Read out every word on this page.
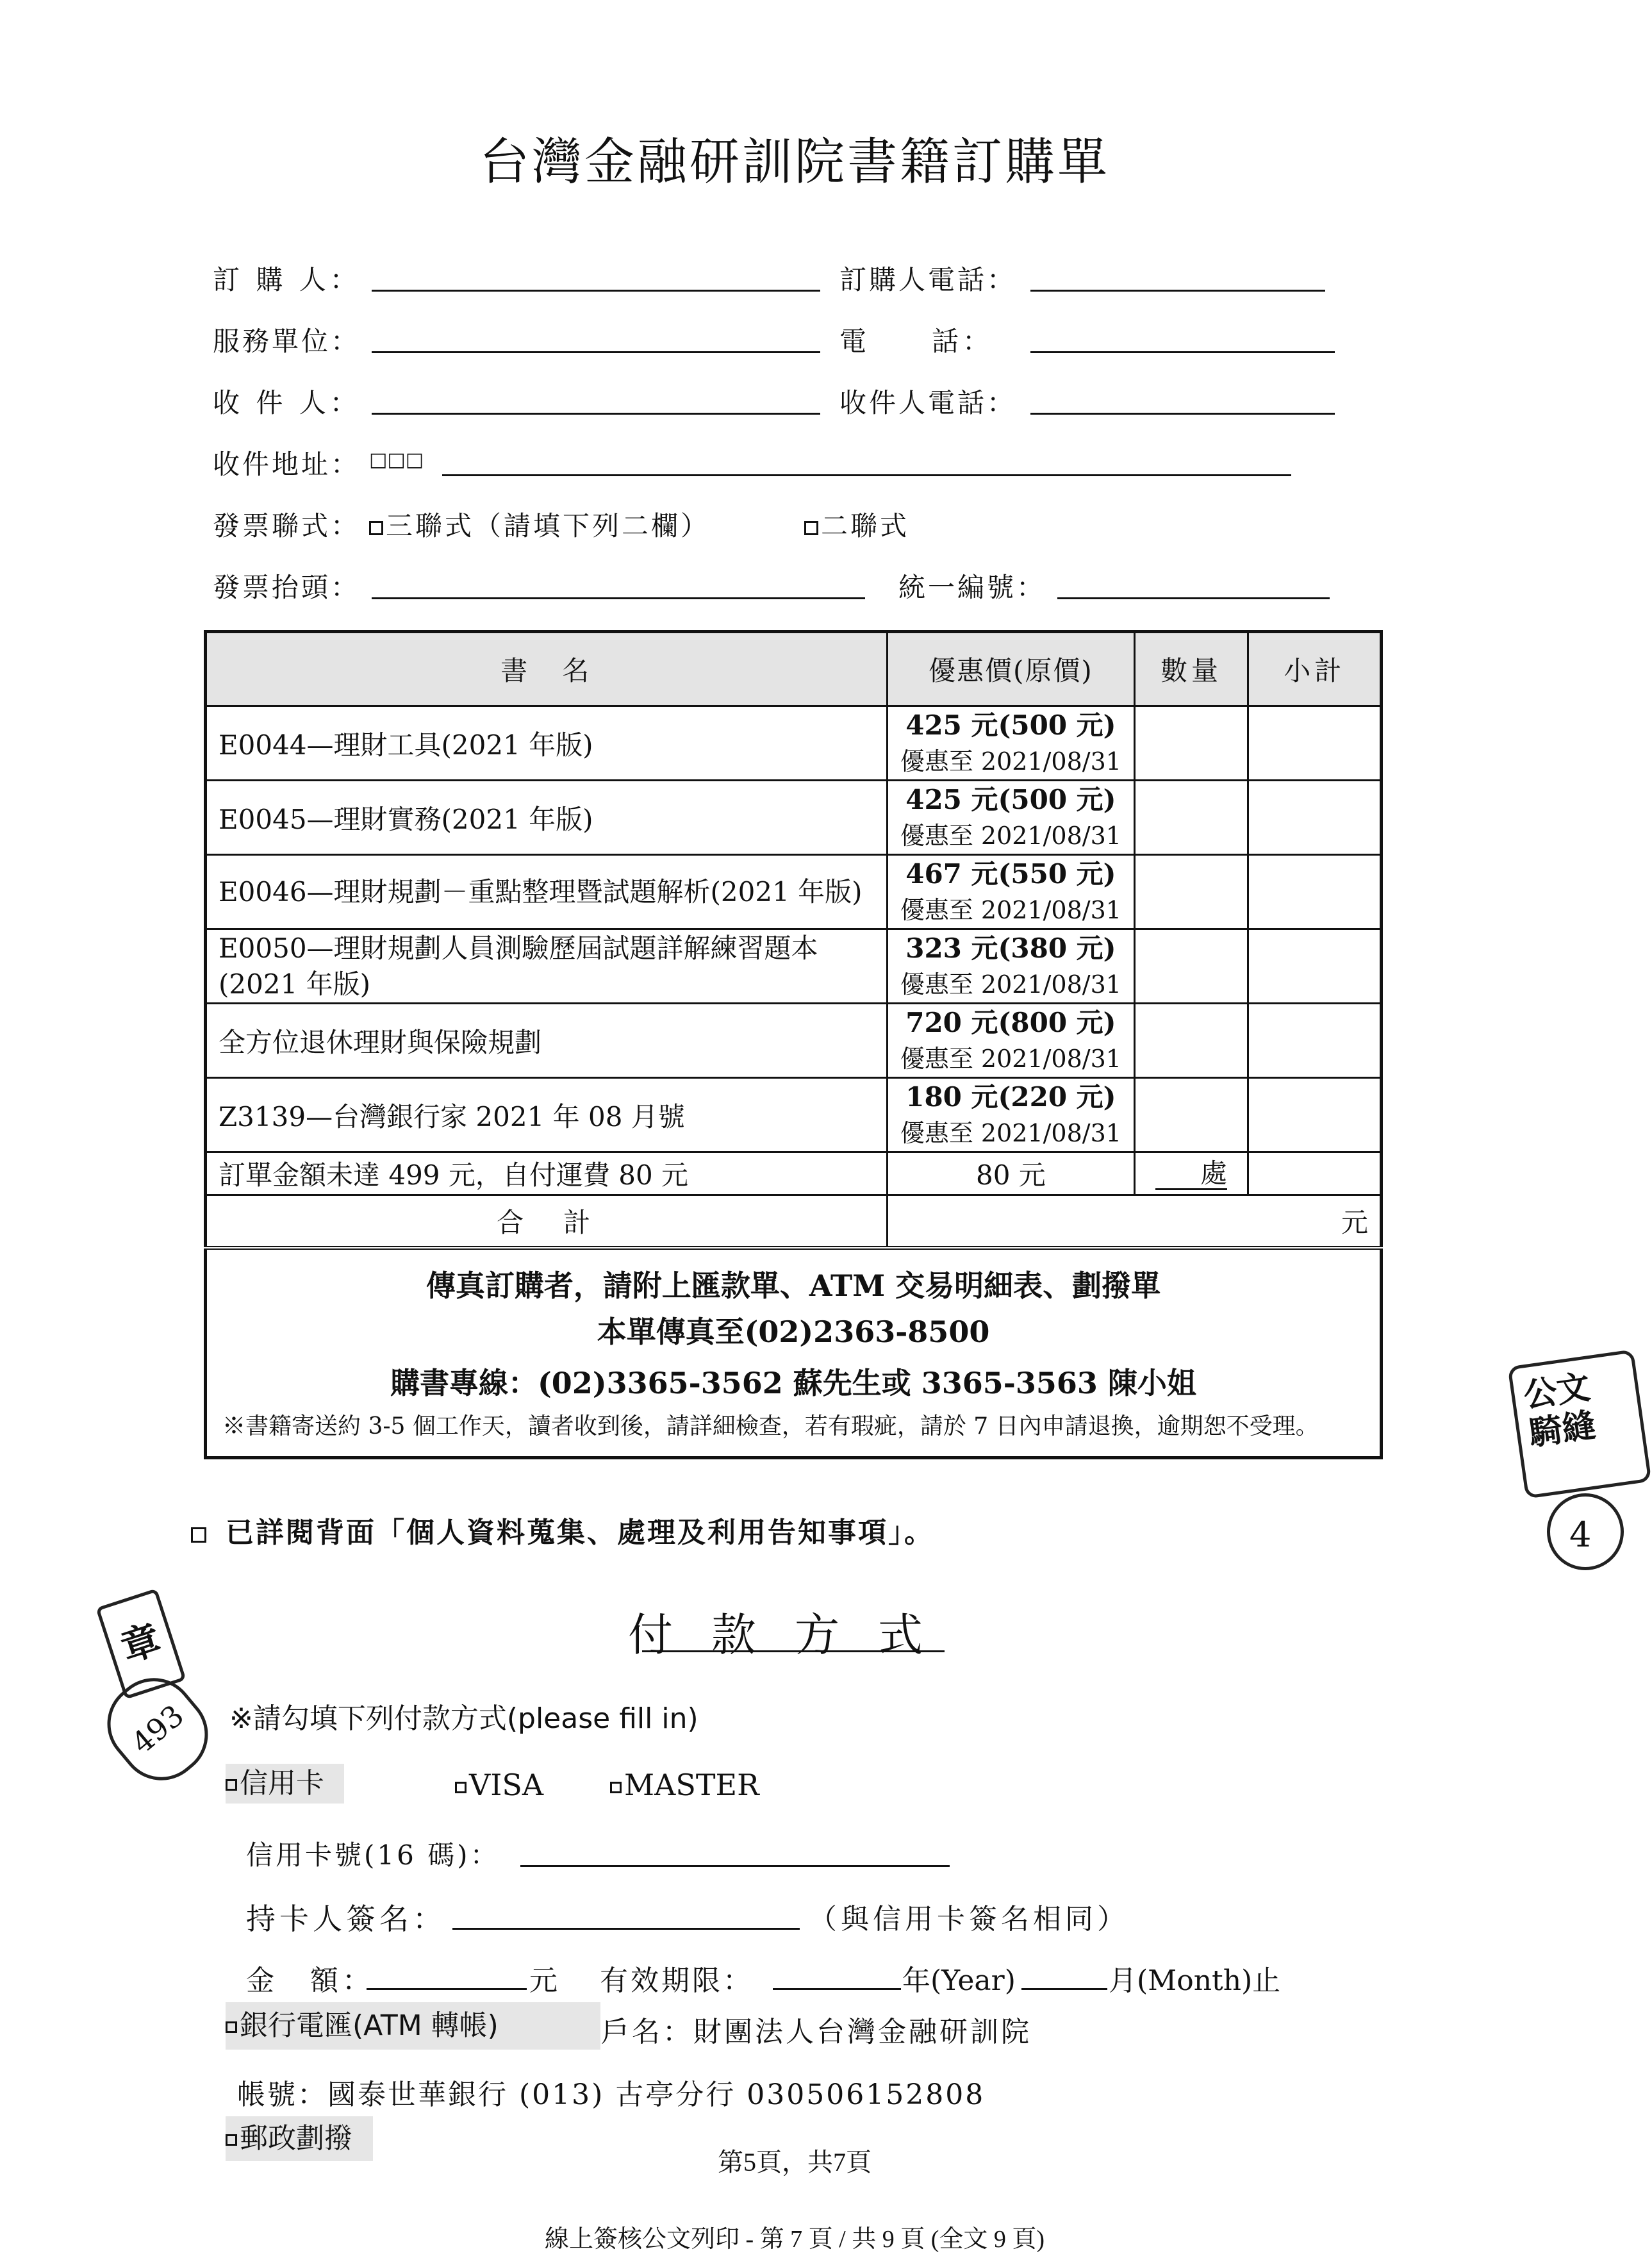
台灣金融研訓院書籍訂購單
訂 購 人：	訂購人電話：
服務單位：	電　　話：
收 件 人：	收件人電話：
收件地址： □□□
發票聯式： 三聯式（請填下列二欄）	二聯式
發票抬頭：	統一編號：
書　名	優惠價(原價)	數量	小計
E0044—理財工具(2021 年版)	425 元(500 元)
優惠至 2021/08/31		

E0045—理財實務(2021 年版)	425 元(500 元)
優惠至 2021/08/31		

E0046—理財規劃－重點整理暨試題解析(2021 年版)	467 元(550 元)
優惠至 2021/08/31		

E0050—理財規劃人員測驗歷屆試題詳解練習題本(2021 年版)	323 元(380 元)
優惠至 2021/08/31		

全方位退休理財與保險規劃	720 元(800 元)
優惠至 2021/08/31		

Z3139—台灣銀行家 2021 年 08 月號	180 元(220 元)
優惠至 2021/08/31		

訂單金額未達 499 元，自付運費 80 元	80 元	處	
合　計	元		

傳真訂購者，請附上匯款單、ATM 交易明細表、劃撥單
本單傳真至(02)2363-8500
購書專線：(02)3365-3562 蘇先生或 3365-3563 陳小姐
※書籍寄送約 3-5 個工作天，讀者收到後，請詳細檢查，若有瑕疵，請於 7 日內申請退換，逾期恕不受理。			
已詳閱背面「個人資料蒐集、處理及利用告知事項」。
付款方式
※請勾填下列付款方式(please fill in)
信用卡	VISA	MASTER
信用卡號(16 碼)：
持卡人簽名：	（與信用卡簽名相同）
金　額：	元 有效期限：	年(Year)	月(Month)止
銀行電匯(ATM 轉帳)	戶名：財團法人台灣金融研訓院
帳號：國泰世華銀行 (013) 古亭分行 030506152808
郵政劃撥
第5頁，共7頁
線上簽核公文列印 - 第 7 頁 / 共 9 頁 (全文 9 頁)
公文 騎縫
4
章
493
